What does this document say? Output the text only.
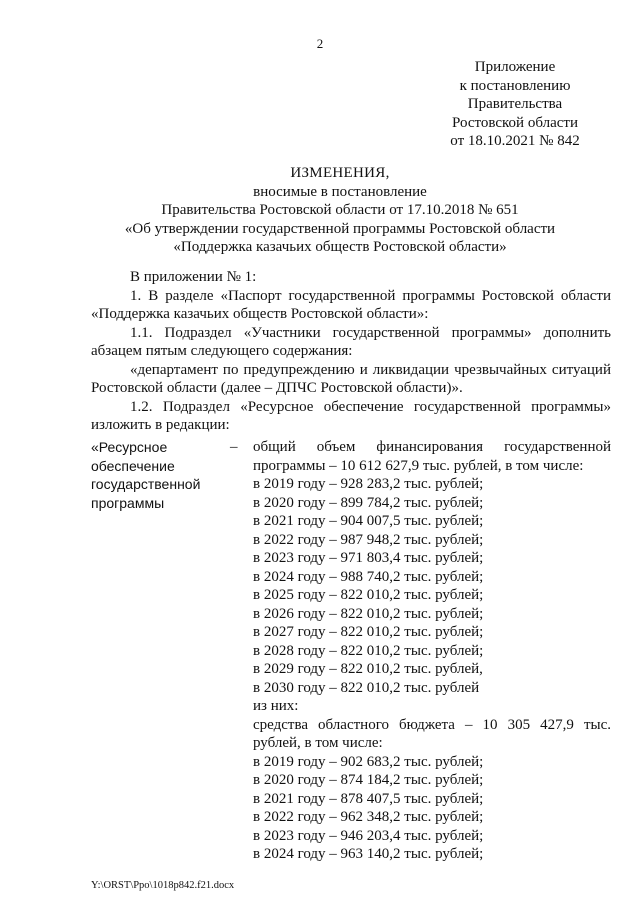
2
Приложение
к постановлению
Правительства
Ростовской области
от 18.10.2021 № 842
ИЗМЕНЕНИЯ,
вносимые в постановление
Правительства Ростовской области от 17.10.2018 № 651
«Об утверждении государственной программы Ростовской области
«Поддержка казачьих обществ Ростовской области»
В приложении № 1:
1. В разделе «Паспорт государственной программы Ростовской области
«Поддержка казачьих обществ Ростовской области»:
1.1. Подраздел «Участники государственной программы» дополнить
абзацем пятым следующего содержания:
«департамент по предупреждению и ликвидации чрезвычайных ситуаций
Ростовской области (далее – ДПЧС Ростовской области)».
1.2. Подраздел «Ресурсное обеспечение государственной программы»
изложить в редакции:
«Ресурсное
обеспечение
государственной
программы
– общий объем финансирования государственной
программы – 10 612 627,9 тыс. рублей, в том числе:
в 2019 году – 928 283,2 тыс. рублей;
в 2020 году – 899 784,2 тыс. рублей;
в 2021 году – 904 007,5 тыс. рублей;
в 2022 году – 987 948,2 тыс. рублей;
в 2023 году – 971 803,4 тыс. рублей;
в 2024 году – 988 740,2 тыс. рублей;
в 2025 году – 822 010,2 тыс. рублей;
в 2026 году – 822 010,2 тыс. рублей;
в 2027 году – 822 010,2 тыс. рублей;
в 2028 году – 822 010,2 тыс. рублей;
в 2029 году – 822 010,2 тыс. рублей,
в 2030 году – 822 010,2 тыс. рублей
из них:
средства областного бюджета – 10 305 427,9 тыс.
рублей, в том числе:
в 2019 году – 902 683,2 тыс. рублей;
в 2020 году – 874 184,2 тыс. рублей;
в 2021 году – 878 407,5 тыс. рублей;
в 2022 году – 962 348,2 тыс. рублей;
в 2023 году – 946 203,4 тыс. рублей;
в 2024 году – 963 140,2 тыс. рублей;
Y:\ORST\Ppo\1018p842.f21.docx
